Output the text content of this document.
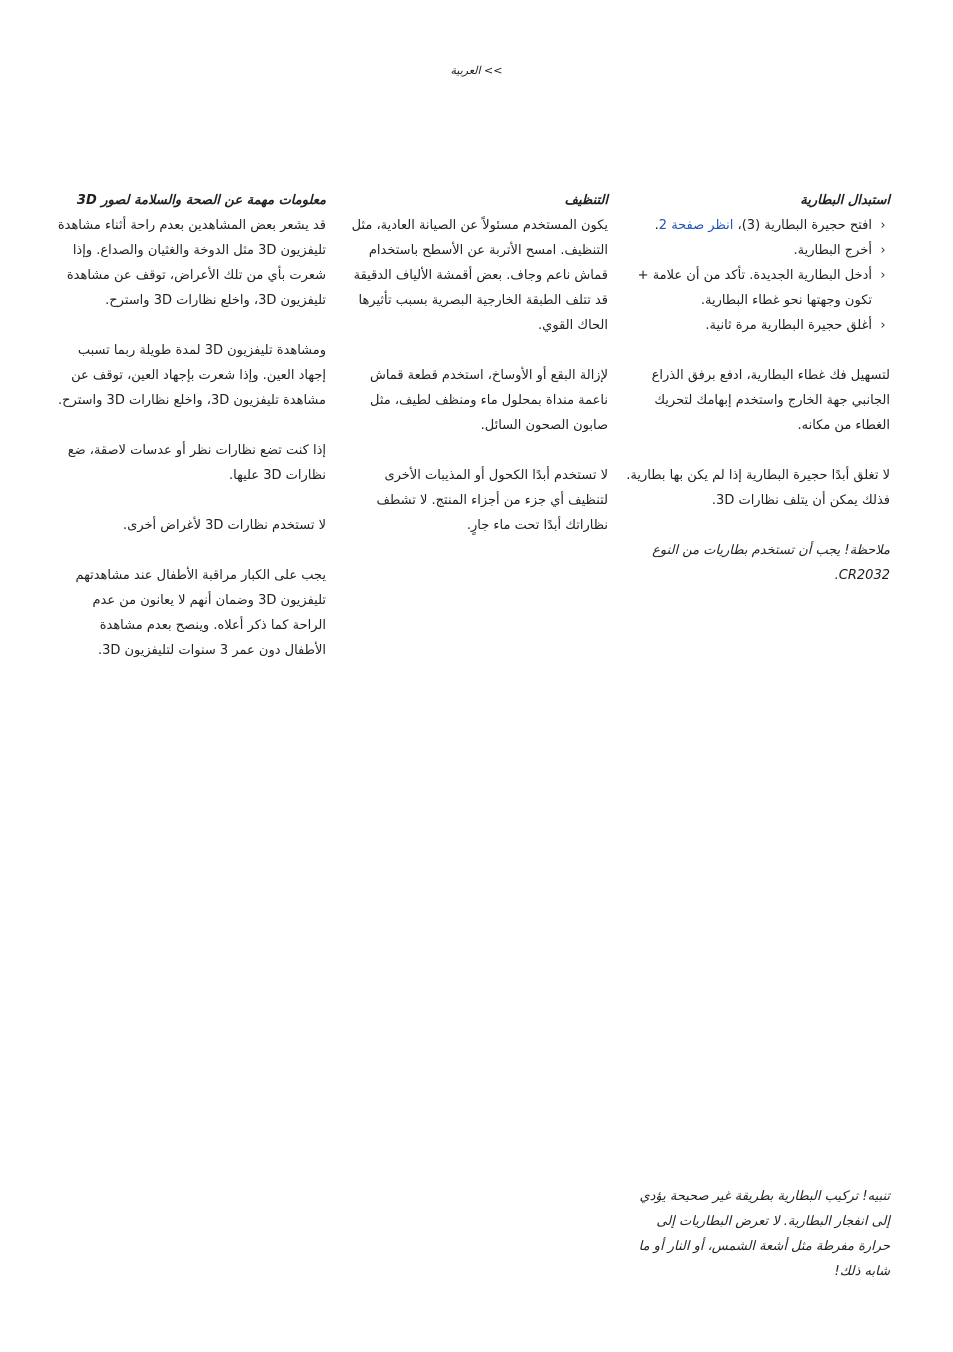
>> العربية
استبدال البطارية
‹
افتح حجيرة البطارية (3)، انظر صفحة 2.
‹
أخرج البطارية.
‹
أدخل البطارية الجديدة. تأكد من أن علامة + تكون وجهتها نحو غطاء البطارية.
‹
أغلق حجيرة البطارية مرة ثانية.

لتسهيل فك غطاء البطارية، ادفع برفق الذراع الجانبي جهة الخارج واستخدم إبهامك لتحريك الغطاء من مكانه.

لا تغلق أبدًا حجيرة البطارية إذا لم يكن بها بطارية. فذلك يمكن أن يتلف نظارات 3D.

ملاحظة! يجب أن تستخدم بطاريات من النوع CR2032.

التنظيف

يكون المستخدم مسئولاً عن الصيانة العادية، مثل التنظيف. امسح الأتربة عن الأسطح باستخدام قماش ناعم وجاف. بعض أقمشة الألياف الدقيقة قد تتلف الطبقة الخارجية البصرية بسبب تأثيرها الحاك القوي.

لإزالة البقع أو الأوساخ، استخدم قطعة قماش ناعمة منداة بمحلول ماء ومنظف لطيف، مثل صابون الصحون السائل.

لا تستخدم أبدًا الكحول أو المذيبات الأخرى لتنظيف أي جزء من أجزاء المنتج. لا تشطف نظاراتك أبدًا تحت ماء جارٍ.

معلومات مهمة عن الصحة والسلامة لصور 3D

قد يشعر بعض المشاهدين بعدم راحة أثناء مشاهدة تليفزيون 3D مثل الدوخة والغثيان والصداع. وإذا شعرت بأي من تلك الأعراض، توقف عن مشاهدة تليفزيون 3D، واخلع نظارات 3D واسترح.

ومشاهدة تليفزيون 3D لمدة طويلة ربما تسبب إجهاد العين. وإذا شعرت بإجهاد العين، توقف عن مشاهدة تليفزيون 3D، واخلع نظارات 3D واسترح.

إذا كنت تضع نظارات نظر أو عدسات لاصقة، ضع نظارات 3D عليها.

لا تستخدم نظارات 3D لأغراض أخرى.

يجب على الكبار مراقبة الأطفال عند مشاهدتهم تليفزيون 3D وضمان أنهم لا يعانون من عدم الراحة كما ذكر أعلاه. وينصح بعدم مشاهدة الأطفال دون عمر 3 سنوات لتليفزيون 3D.

تنبيه! تركيب البطارية بطريقة غير صحيحة يؤدي إلى انفجار البطارية. لا تعرض البطاريات إلى حرارة مفرطة مثل أشعة الشمس، أو النار أو ما شابه ذلك!
